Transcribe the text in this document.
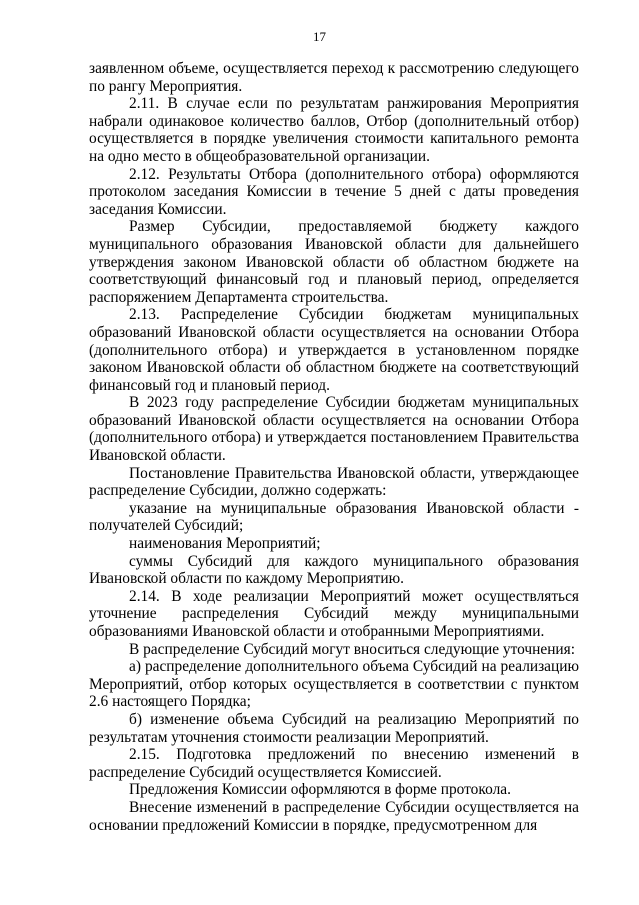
17

заявленном объеме, осуществляется переход к рассмотрению следующего по рангу Мероприятия.

2.11. В случае если по результатам ранжирования Мероприятия набрали одинаковое количество баллов, Отбор (дополнительный отбор) осуществляется в порядке увеличения стоимости капитального ремонта на одно место в общеобразовательной организации.

2.12. Результаты Отбора (дополнительного отбора) оформляются протоколом заседания Комиссии в течение 5 дней с даты проведения заседания Комиссии.

Размер Субсидии, предоставляемой бюджету каждого муниципального образования Ивановской области для дальнейшего утверждения законом Ивановской области об областном бюджете на соответствующий финансовый год и плановый период, определяется распоряжением Департамента строительства.

2.13. Распределение Субсидии бюджетам муниципальных образований Ивановской области осуществляется на основании Отбора (дополнительного отбора) и утверждается в установленном порядке законом Ивановской области об областном бюджете на соответствующий финансовый год и плановый период.

В 2023 году распределение Субсидии бюджетам муниципальных образований Ивановской области осуществляется на основании Отбора (дополнительного отбора) и утверждается постановлением Правительства Ивановской области.

Постановление Правительства Ивановской области, утверждающее распределение Субсидии, должно содержать:

указание на муниципальные образования Ивановской области - получателей Субсидий;

наименования Мероприятий;

суммы Субсидий для каждого муниципального образования Ивановской области по каждому Мероприятию.

2.14. В ходе реализации Мероприятий может осуществляться уточнение распределения Субсидий между муниципальными образованиями Ивановской области и отобранными Мероприятиями.

В распределение Субсидий могут вноситься следующие уточнения:

а) распределение дополнительного объема Субсидий на реализацию Мероприятий, отбор которых осуществляется в соответствии с пунктом 2.6 настоящего Порядка;

б) изменение объема Субсидий на реализацию Мероприятий по результатам уточнения стоимости реализации Мероприятий.

2.15. Подготовка предложений по внесению изменений в распределение Субсидий осуществляется Комиссией.

Предложения Комиссии оформляются в форме протокола.

Внесение изменений в распределение Субсидии осуществляется на основании предложений Комиссии в порядке, предусмотренном для
